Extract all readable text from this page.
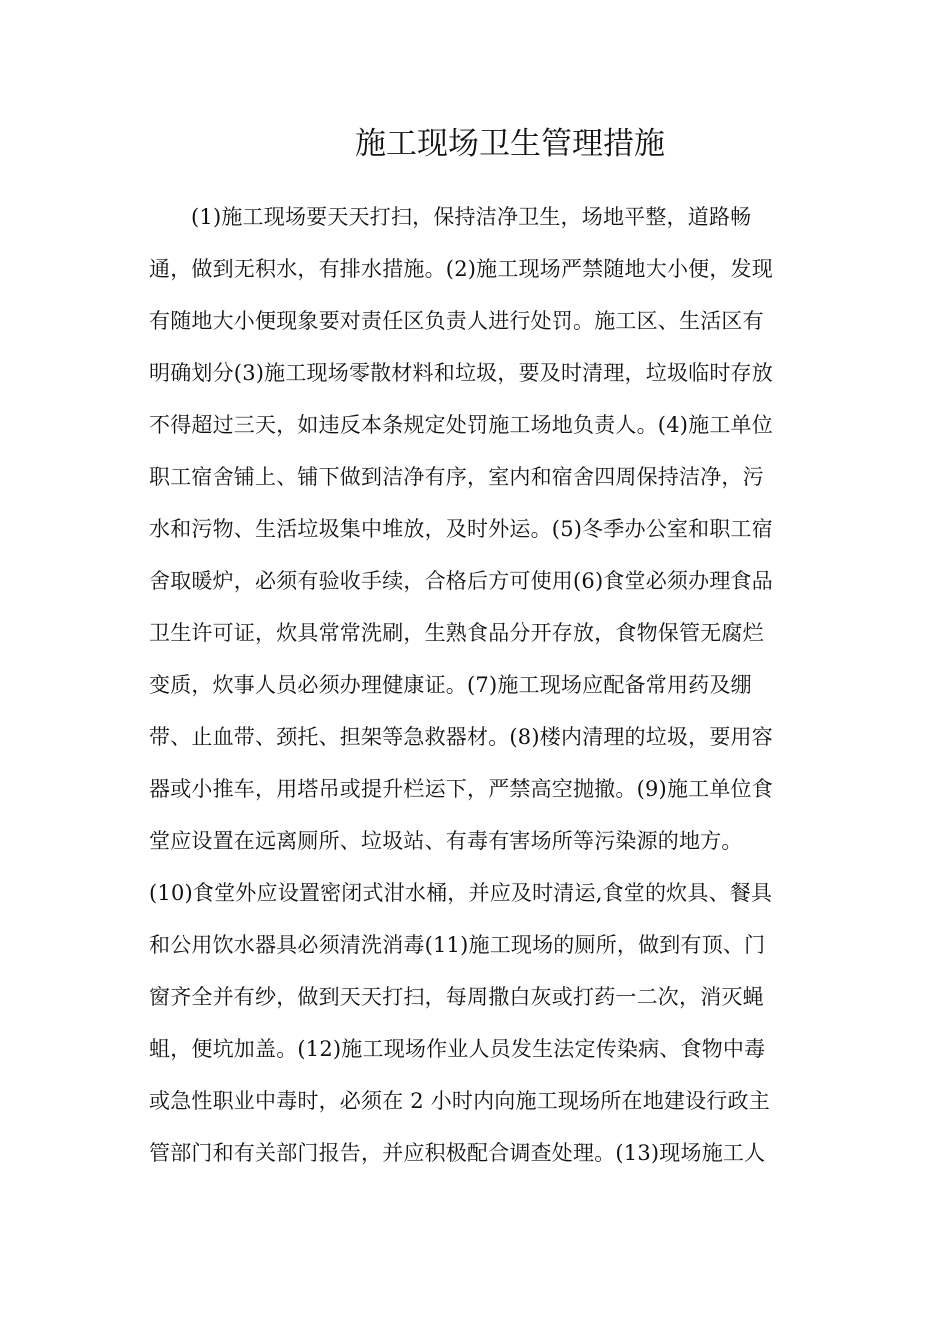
施工现场卫生管理措施
(1)施工现场要天天打扫，保持洁净卫生，场地平整，道路畅
通，做到无积水，有排水措施。(2)施工现场严禁随地大小便，发现
有随地大小便现象要对责任区负责人进行处罚。施工区、生活区有
明确划分(3)施工现场零散材料和垃圾，要及时清理，垃圾临时存放
不得超过三天，如违反本条规定处罚施工场地负责人。(4)施工单位
职工宿舍铺上、铺下做到洁净有序，室内和宿舍四周保持洁净，污
水和污物、生活垃圾集中堆放，及时外运。(5)冬季办公室和职工宿
舍取暖炉，必须有验收手续，合格后方可使用(6)食堂必须办理食品
卫生许可证，炊具常常洗刷，生熟食品分开存放，食物保管无腐烂
变质，炊事人员必须办理健康证。(7)施工现场应配备常用药及绷
带、止血带、颈托、担架等急救器材。(8)楼内清理的垃圾，要用容
器或小推车，用塔吊或提升栏运下，严禁高空抛撤。(9)施工单位食
堂应设置在远离厕所、垃圾站、有毒有害场所等污染源的地方。
(10)食堂外应设置密闭式泔水桶，并应及时清运,食堂的炊具、餐具
和公用饮水器具必须清洗消毒(11)施工现场的厕所，做到有顶、门
窗齐全并有纱，做到天天打扫，每周撒白灰或打药一二次，消灭蝇
蛆，便坑加盖。(12)施工现场作业人员发生法定传染病、食物中毒
或急性职业中毒时，必须在 2 小时内向施工现场所在地建设行政主
管部门和有关部门报告，并应积极配合调查处理。(13)现场施工人
